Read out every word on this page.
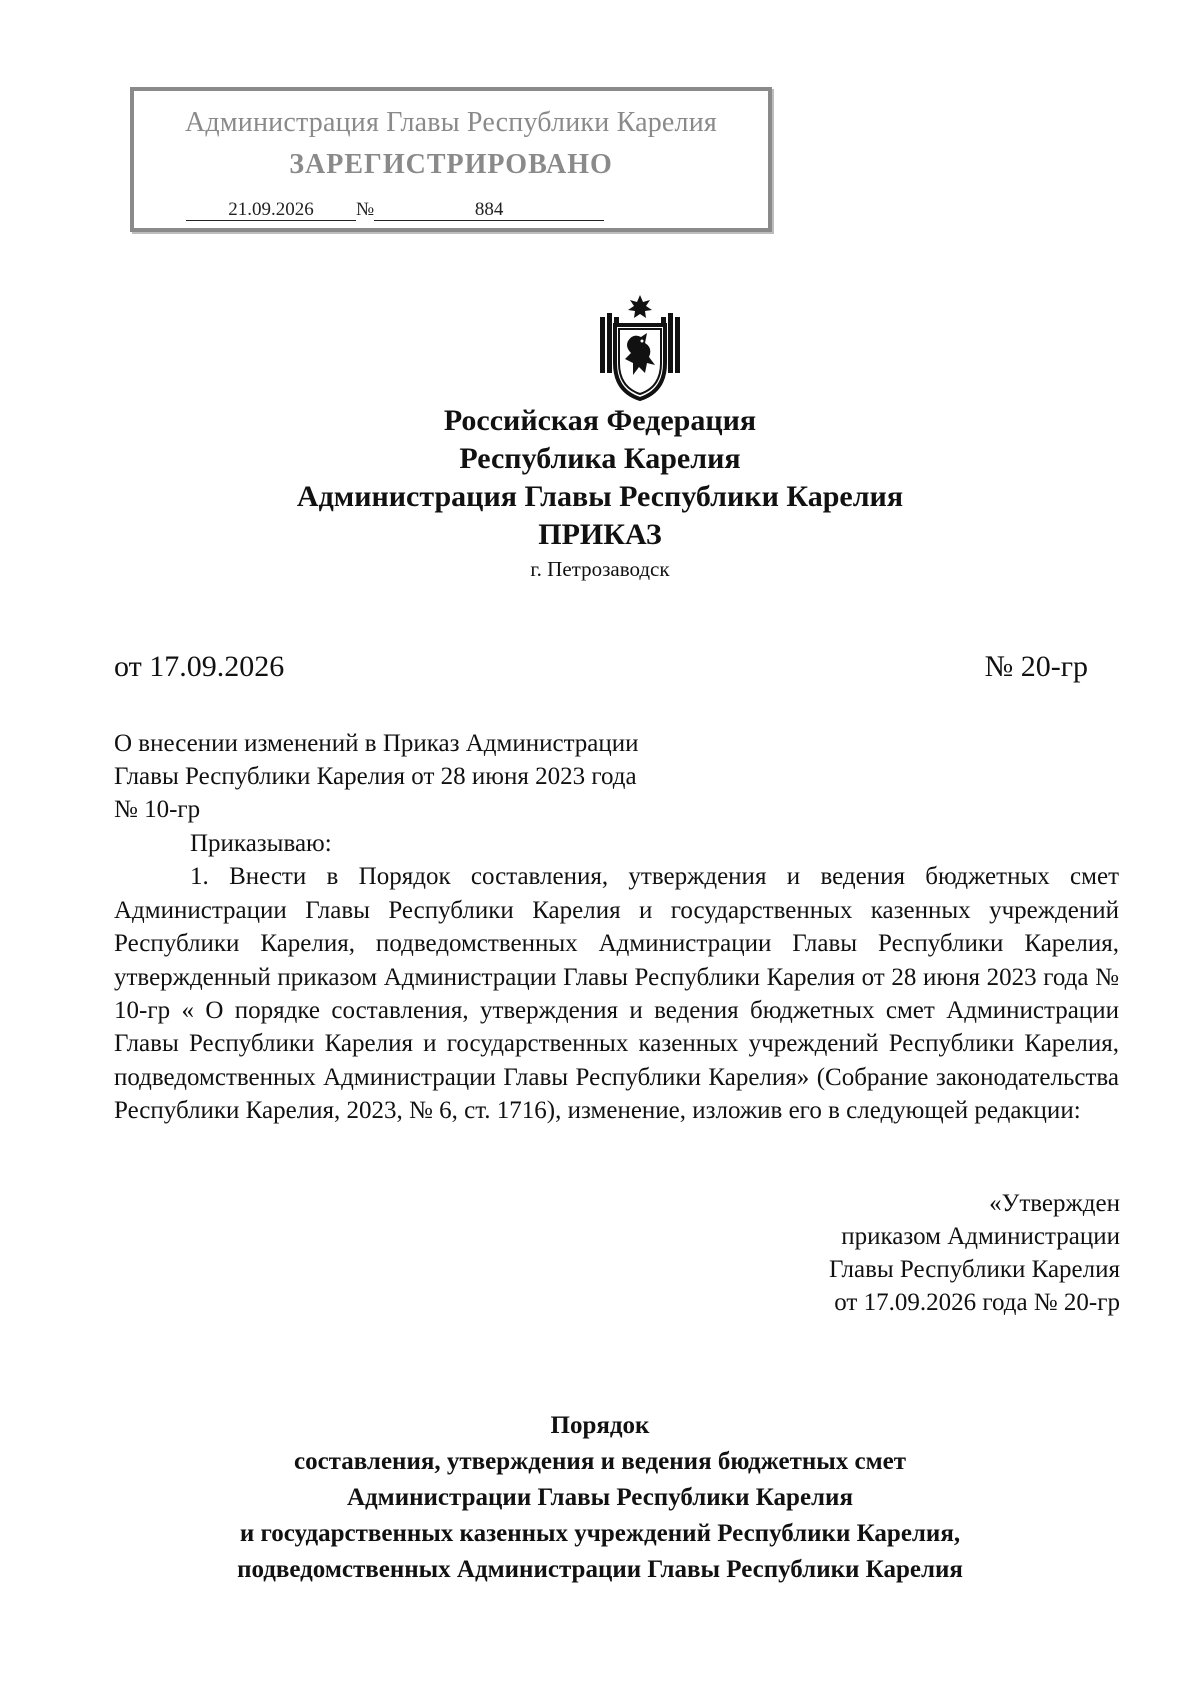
Администрация Главы Республики Карелия
ЗАРЕГИСТРИРОВАНО
21.09.2026 №	884
Российская Федерация
Республика Карелия
Администрация Главы Республики Карелия
ПРИКАЗ
г. Петрозаводск
от 17.09.2026	№ 20-гр
О внесении изменений в Приказ Администрации
Главы Республики Карелия от 28 июня 2023 года
№ 10-гр

Приказываю:

1. Внести в Порядок составления, утверждения и ведения бюджетных смет Администрации Главы Республики Карелия и государственных казенных учреждений Республики Карелия, подведомственных Администрации Главы Республики Карелия, утвержденный приказом Администрации Главы Республики Карелия от 28 июня 2023 года № 10-гр « О порядке составления, утверждения и ведения бюджетных смет Администрации Главы Республики Карелия и государственных казенных учреждений Республики Карелия, подведомственных Администрации Главы Республики Карелия» (Собрание законодательства Республики Карелия, 2023, № 6, ст. 1716), изменение, изложив его в следующей редакции:

«Утвержден
приказом Администрации
Главы Республики Карелия
от 17.09.2026 года № 20-гр
Порядок
составления, утверждения и ведения бюджетных смет
Администрации Главы Республики Карелия
и государственных казенных учреждений Республики Карелия,
подведомственных Администрации Главы Республики Карелия
